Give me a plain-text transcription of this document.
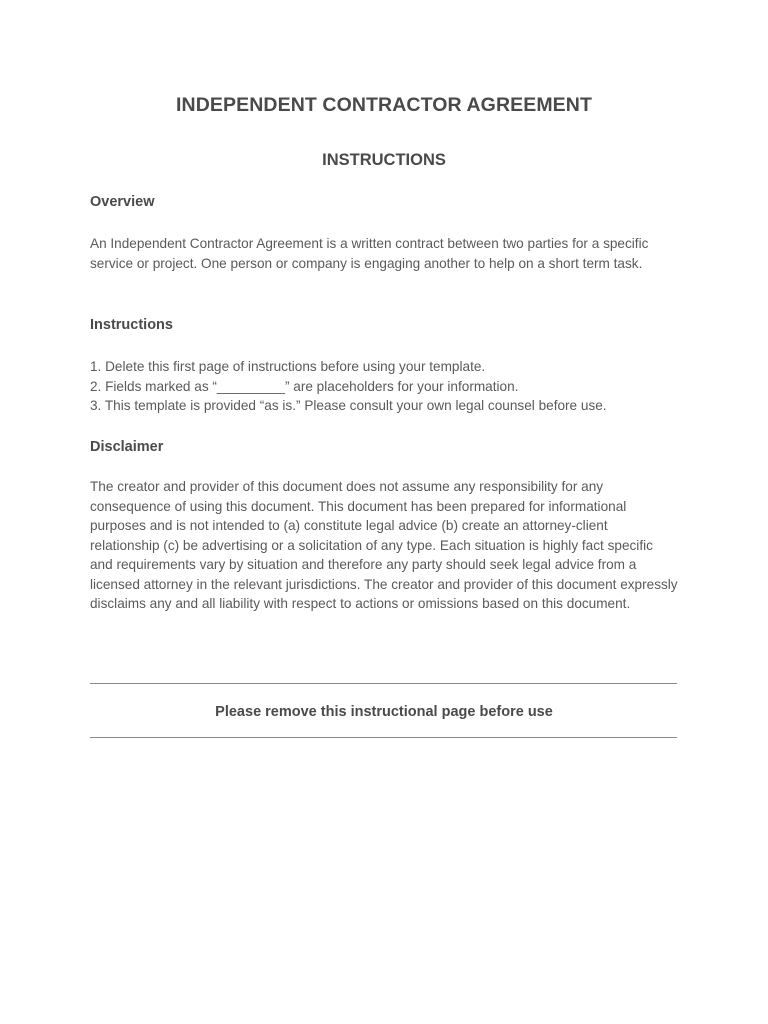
INDEPENDENT CONTRACTOR AGREEMENT
INSTRUCTIONS
Overview

An Independent Contractor Agreement is a written contract between two parties for a specific service or project. One person or company is engaging another to help on a short term task.

Instructions
1. Delete this first page of instructions before using your template.
2. Fields marked as “_________” are placeholders for your information.
3. This template is provided “as is.” Please consult your own legal counsel before use.
Disclaimer

The creator and provider of this document does not assume any responsibility for any consequence of using this document. This document has been prepared for informational purposes and is not intended to (a) constitute legal advice (b) create an attorney-client relationship (c) be advertising or a solicitation of any type. Each situation is highly fact specific and requirements vary by situation and therefore any party should seek legal advice from a licensed attorney in the relevant jurisdictions. The creator and provider of this document expressly disclaims any and all liability with respect to actions or omissions based on this document.

Please remove this instructional page before use
